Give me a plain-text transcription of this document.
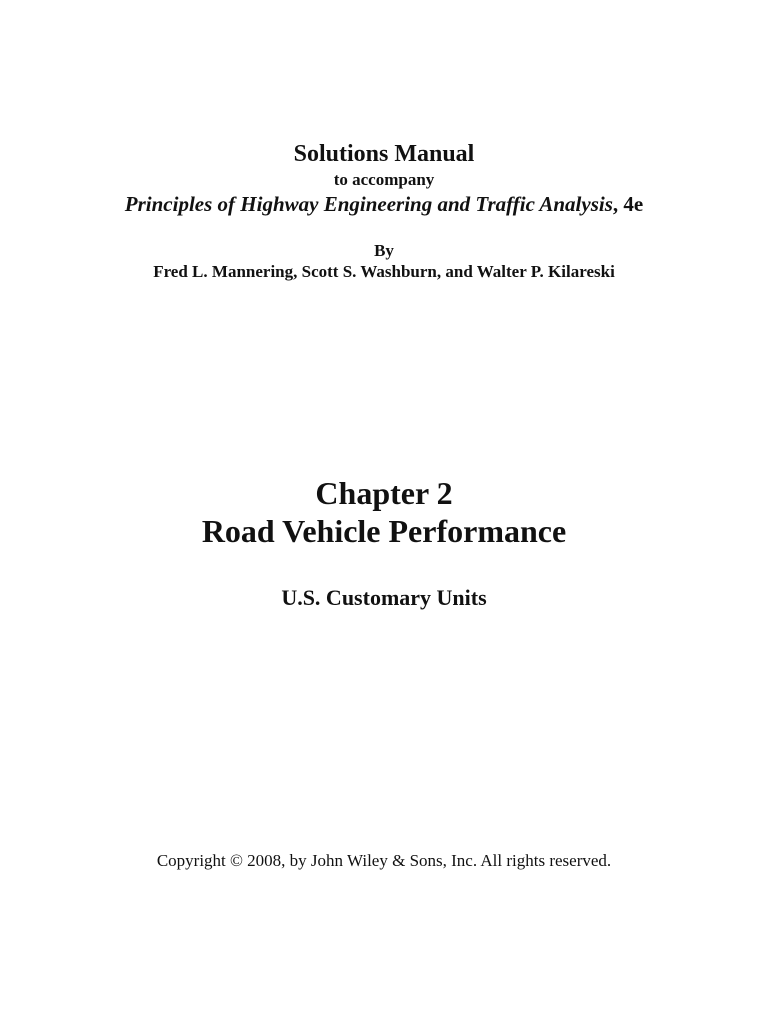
Solutions Manual
to accompany
Principles of Highway Engineering and Traffic Analysis, 4e
By
Fred L. Mannering, Scott S. Washburn, and Walter P. Kilareski
Chapter 2
Road Vehicle Performance
U.S. Customary Units
Copyright © 2008, by John Wiley & Sons, Inc. All rights reserved.
